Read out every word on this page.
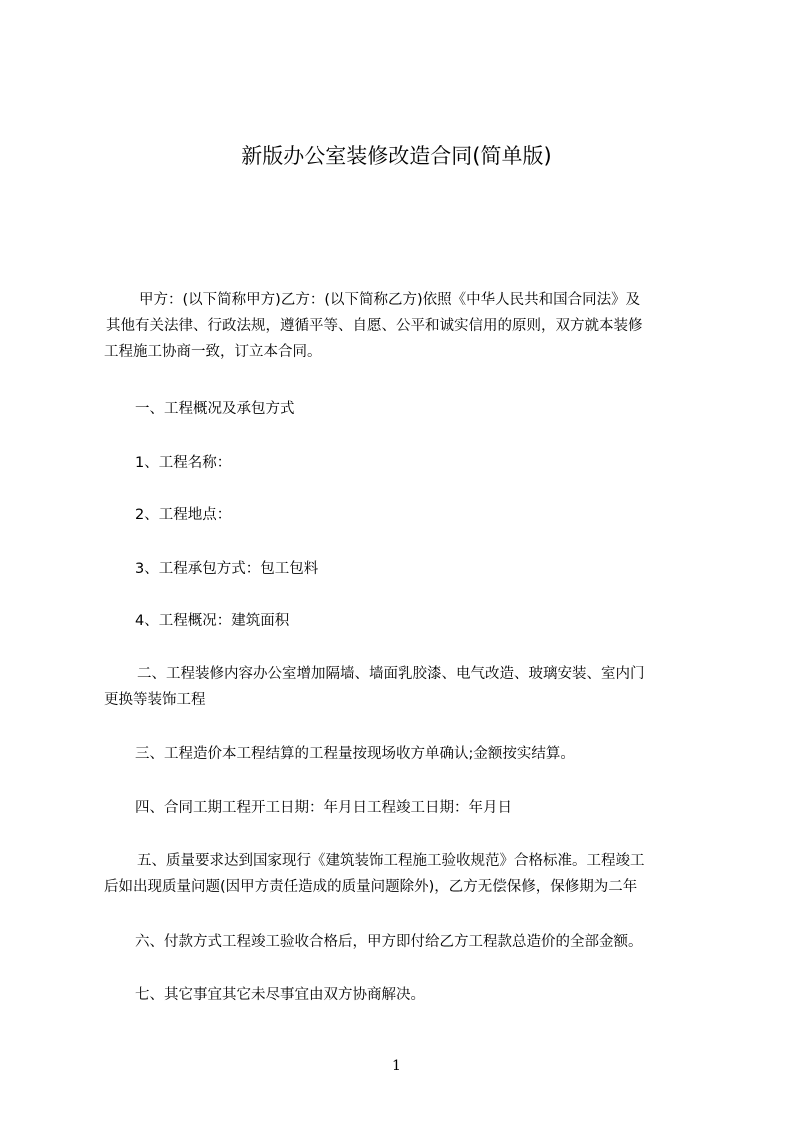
新版办公室装修改造合同(简单版)
甲方：(以下简称甲方)乙方：(以下简称乙方)依照《中华人民共和国合同法》及
其他有关法律、行政法规，遵循平等、自愿、公平和诚实信用的原则，双方就本装修
工程施工协商一致，订立本合同。
一、工程概况及承包方式
1、工程名称：
2、工程地点：
3、工程承包方式：包工包料
4、工程概况：建筑面积
二、工程装修内容办公室增加隔墙、墙面乳胶漆、电气改造、玻璃安装、室内门
更换等装饰工程
三、工程造价本工程结算的工程量按现场收方单确认;金额按实结算。
四、合同工期工程开工日期：年月日工程竣工日期：年月日
五、质量要求达到国家现行《建筑装饰工程施工验收规范》合格标准。工程竣工
后如出现质量问题(因甲方责任造成的质量问题除外)，乙方无偿保修，保修期为二年
六、付款方式工程竣工验收合格后，甲方即付给乙方工程款总造价的全部金额。
七、其它事宜其它未尽事宜由双方协商解决。
1
